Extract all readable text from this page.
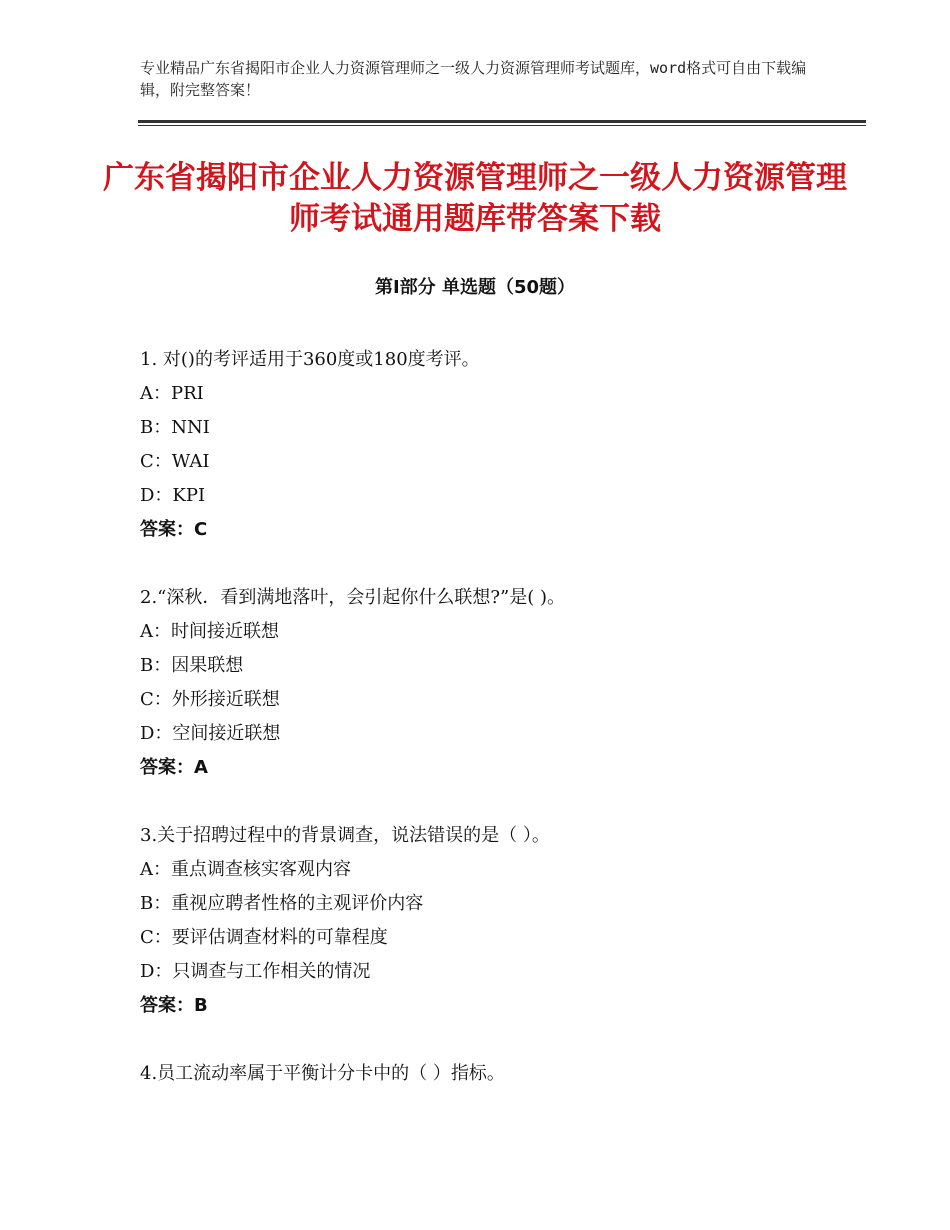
专业精品广东省揭阳市企业人力资源管理师之一级人力资源管理师考试题库，word格式可自由下载编辑，附完整答案！
广东省揭阳市企业人力资源管理师之一级人力资源管理师考试通用题库带答案下载
第Ⅰ部分 单选题（50题）
1. 对()的考评适用于360度或180度考评。
A：PRI
B：NNI
C：WAI
D：KPI
答案：C
2.“深秋．看到满地落叶，会引起你什么联想?”是( )。
A：时间接近联想
B：因果联想
C：外形接近联想
D：空间接近联想
答案：A
3.关于招聘过程中的背景调查，说法错误的是（ ）。
A：重点调查核实客观内容
B：重视应聘者性格的主观评价内容
C：要评估调查材料的可靠程度
D：只调查与工作相关的情况
答案：B
4.员工流动率属于平衡计分卡中的（ ）指标。
